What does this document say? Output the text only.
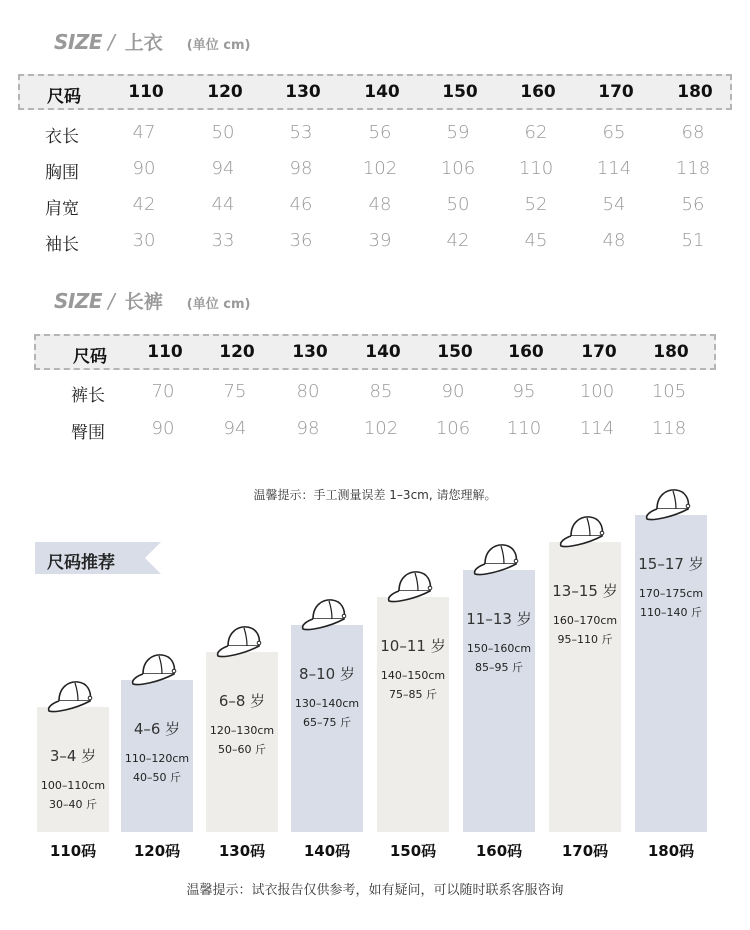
SIZE / 上衣 (单位 cm)
尺码	110	120	130	140	150	160	170	180
衣长	47	50	53	56	59	62	65	68
胸围	90	94	98	102 106 110 114 118
肩宽	42	44	46	48	50	52	54	56
袖长	30	33	36	39	42	45	48	51
SIZE / 长裤 (单位 cm)
尺码 110 120 130 140 150 160 170 180
裤长	70	75	80	85	90	95 100 105
臀围	90	94	98 102 106 110 114 118
温馨提示：手工测量误差 1–3cm, 请您理解。
尺码推荐
3–4 岁
100–110cm
30–40 斤
110码
4–6 岁
110–120cm
40–50 斤
120码
6–8 岁
120–130cm
50–60 斤
130码
8–10 岁
130–140cm
65–75 斤
140码
10–11 岁
140–150cm
75–85 斤
150码
11–13 岁
150–160cm
85–95 斤
160码
13–15 岁
160–170cm
95–110 斤
170码
15–17 岁
170–175cm
110–140 斤
180码
温馨提示：试衣报告仅供参考，如有疑问，可以随时联系客服咨询
